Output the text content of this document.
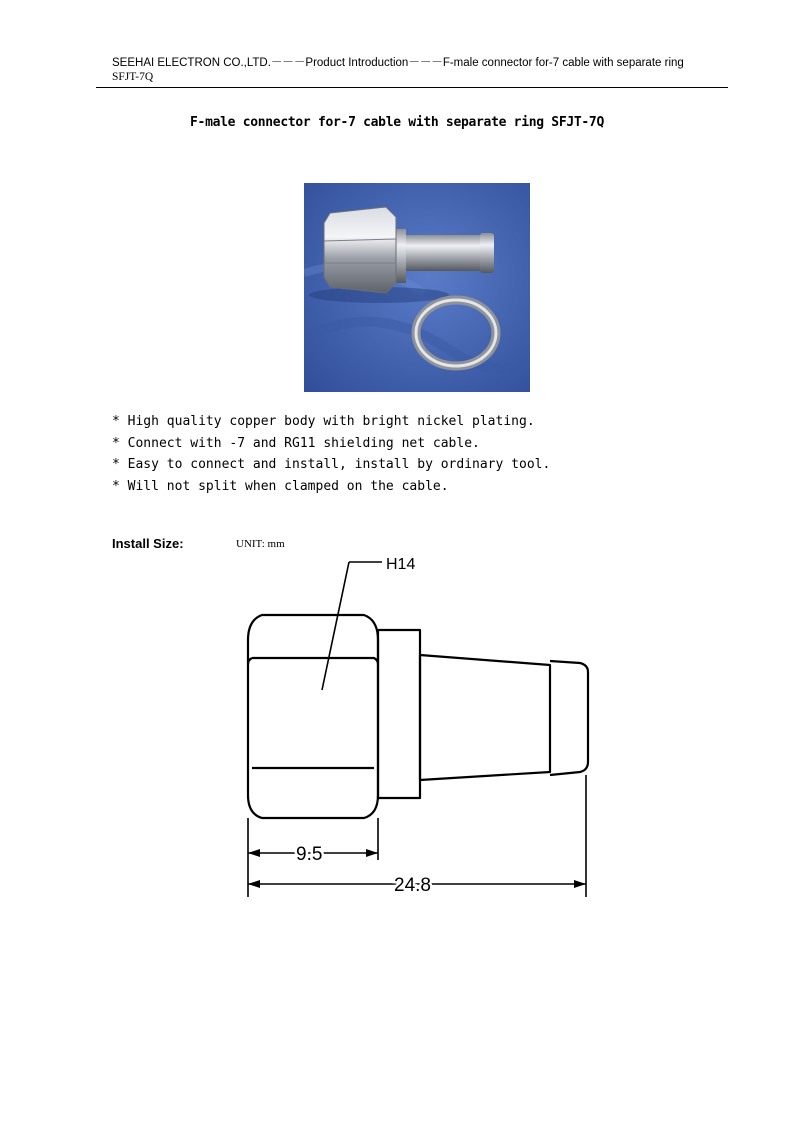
SEEHAI ELECTRON CO.,LTD.－－－Product Introduction－－－F-male connector for-7 cable with separate ring
SFJT-7Q
F-male connector for-7 cable with separate ring SFJT-7Q
* High quality copper body with bright nickel plating.
* Connect with -7 and RG11 shielding net cable.
* Easy to connect and install, install by ordinary tool.
* Will not split when clamped on the cable.
Install Size:	UNIT: mm
H14
9.5
24.8
